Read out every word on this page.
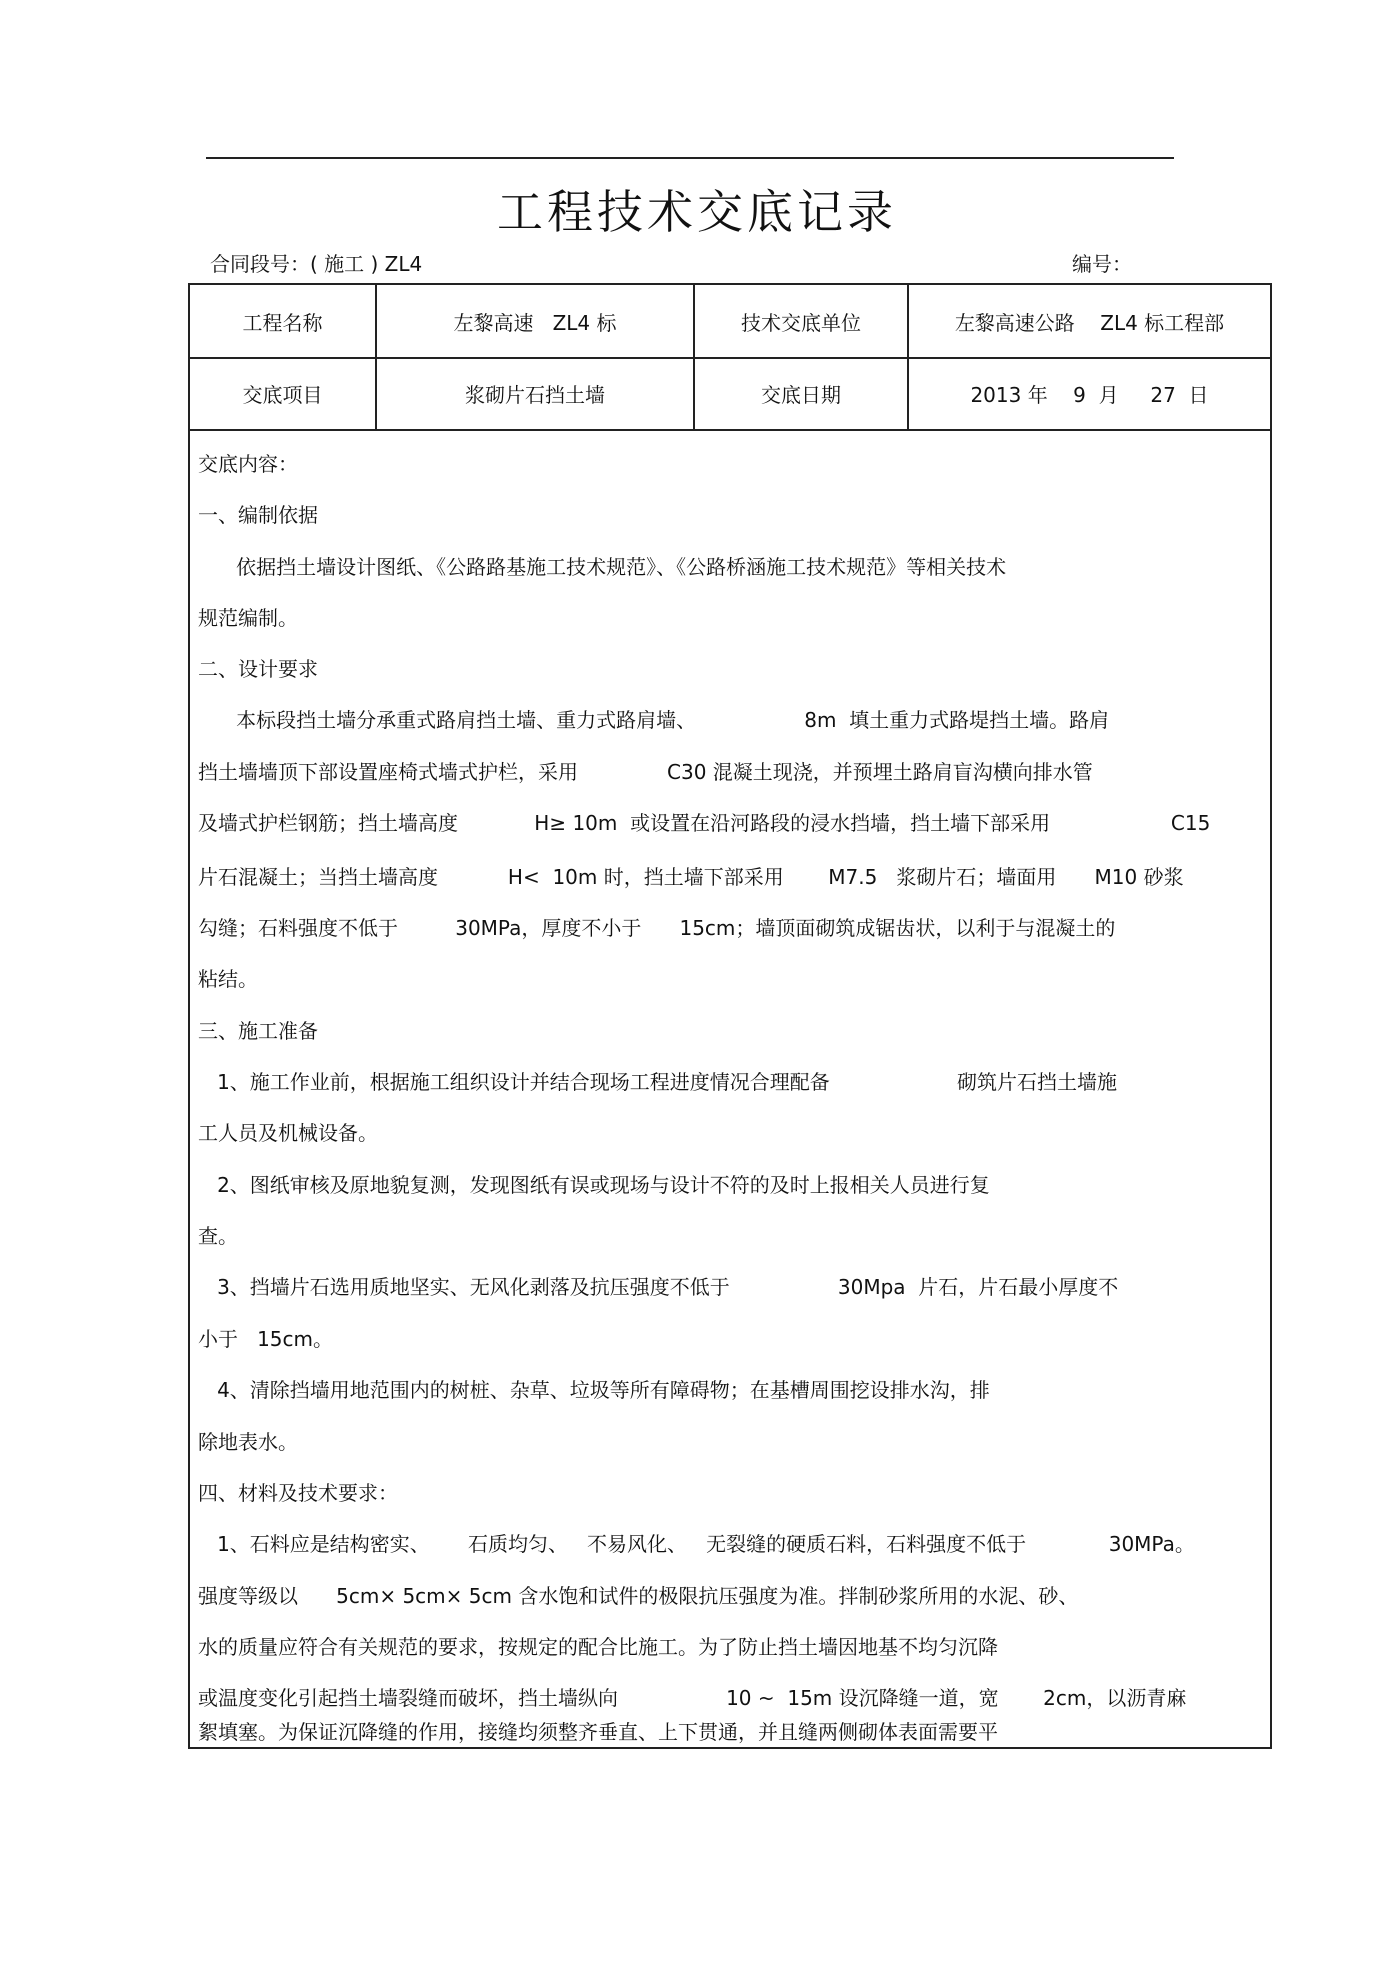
工程技术交底记录
合同段号：( 施工 ) ZL4	编号：
工程名称	左黎高速   ZL4 标	技术交底单位	左黎高速公路    ZL4 标工程部
交底项目	浆砌片石挡土墙	交底日期	2013 年    9  月     27  日
交底内容：
一、编制依据
依据挡土墙设计图纸、《公路路基施工技术规范》、《公路桥涵施工技术规范》等相关技术
规范编制。
二、设计要求
本标段挡土墙分承重式路肩挡土墙、重力式路肩墙、                 8m  填土重力式路堤挡土墙。路肩
挡土墙墙顶下部设置座椅式墙式护栏，采用              C30 混凝土现浇，并预埋土路肩盲沟横向排水管
及墙式护栏钢筋；挡土墙高度            H≥ 10m  或设置在沿河路段的浸水挡墙，挡土墙下部采用                   C15
片石混凝土；当挡土墙高度           H<  10m 时，挡土墙下部采用       M7.5   浆砌片石；墙面用      M10 砂浆
勾缝；石料强度不低于         30MPa，厚度不小于      15cm；墙顶面砌筑成锯齿状，以利于与混凝土的
粘结。
三、施工准备
1、施工作业前，根据施工组织设计并结合现场工程进度情况合理配备                    砌筑片石挡土墙施
工人员及机械设备。
2、图纸审核及原地貌复测，发现图纸有误或现场与设计不符的及时上报相关人员进行复
查。
3、挡墙片石选用质地坚实、无风化剥落及抗压强度不低于                 30Mpa  片石，片石最小厚度不
小于   15cm。
4、清除挡墙用地范围内的树桩、杂草、垃圾等所有障碍物；在基槽周围挖设排水沟，排
除地表水。
四、材料及技术要求：
1、石料应是结构密实、      石质均匀、   不易风化、   无裂缝的硬质石料，石料强度不低于             30MPa。
强度等级以      5cm× 5cm× 5cm 含水饱和试件的极限抗压强度为准。拌制砂浆所用的水泥、砂、
水的质量应符合有关规范的要求，按规定的配合比施工。为了防止挡土墙因地基不均匀沉降
或温度变化引起挡土墙裂缝而破坏，挡土墙纵向                 10 ~  15m 设沉降缝一道，宽       2cm，以沥青麻
絮填塞。为保证沉降缝的作用，接缝均须整齐垂直、上下贯通，并且缝两侧砌体表面需要平
